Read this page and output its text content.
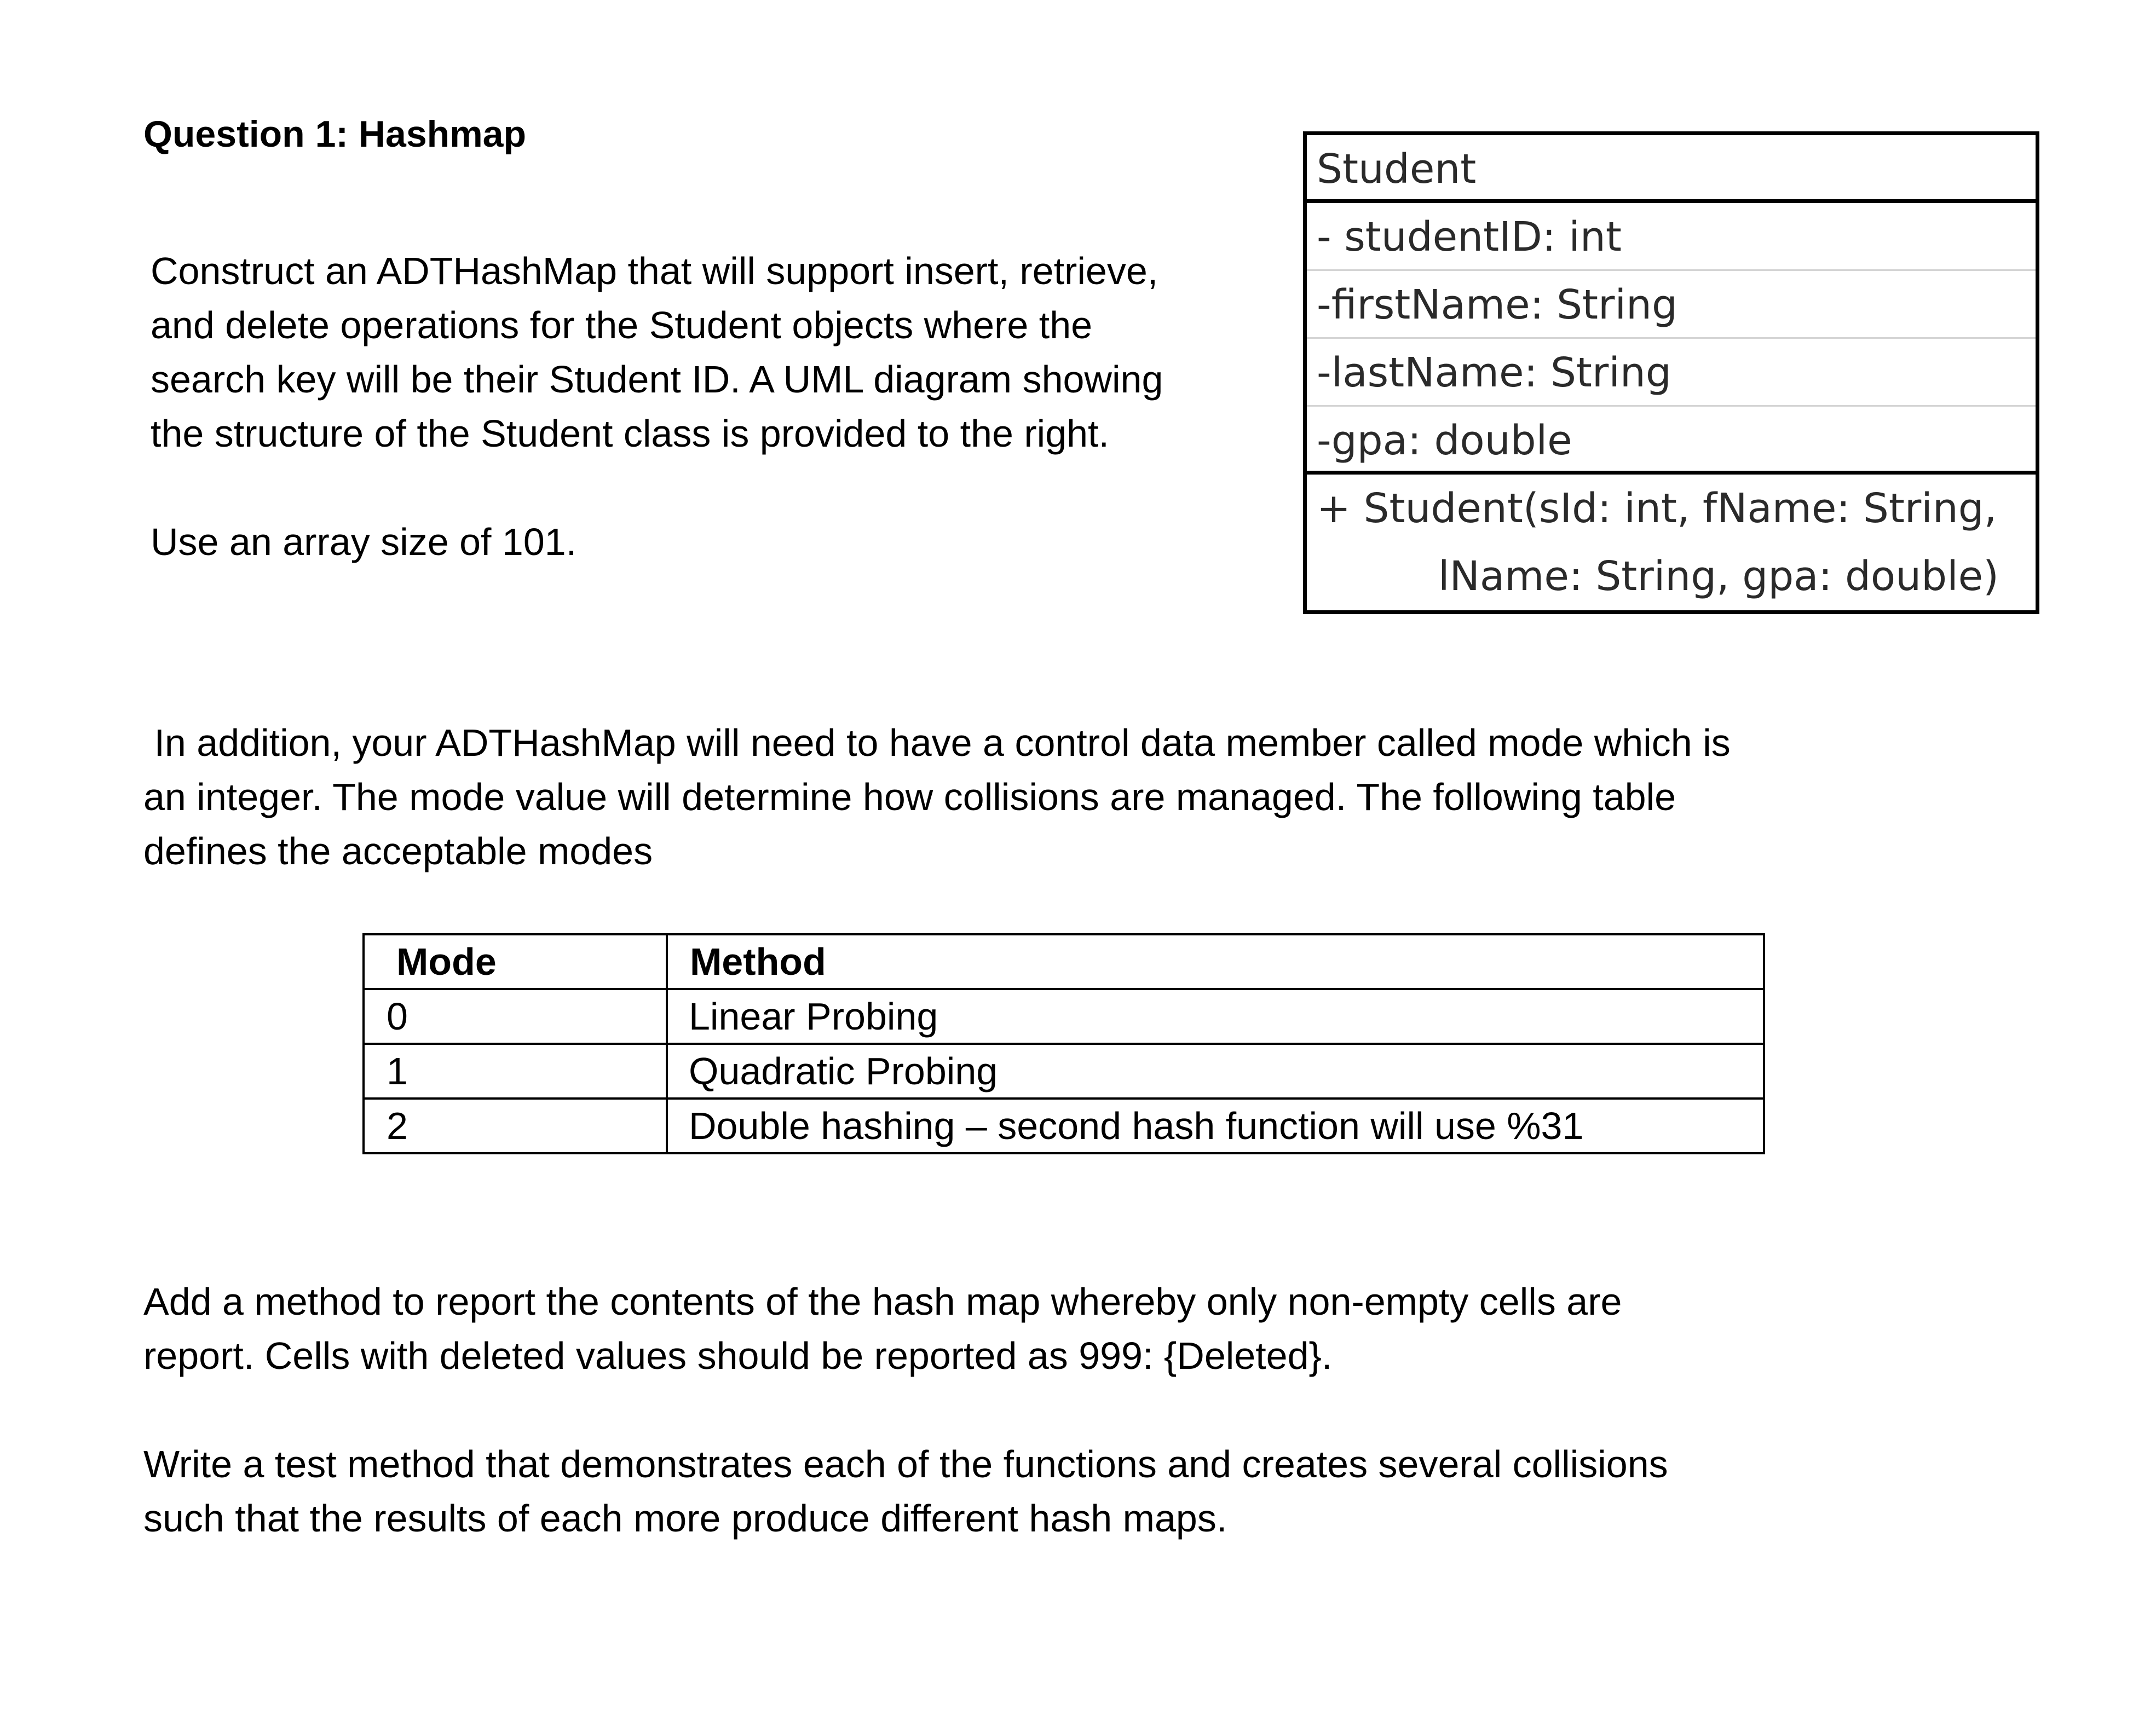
Question 1: Hashmap
Construct an ADTHashMap that will support insert, retrieve,
and delete operations for the Student objects where the
search key will be their Student ID. A UML diagram showing
the structure of the Student class is provided to the right.
Use an array size of 101.
Student
- studentID: int
-firstName: String
-lastName: String
-gpa: double
+ Student(sId: int, fName: String,
lName: String, gpa: double)
In addition, your ADTHashMap will need to have a control data member called mode which is
an integer. The mode value will determine how collisions are managed. The following table
defines the acceptable modes
Mode	Method
0	Linear Probing
1	Quadratic Probing
2	Double hashing – second hash function will use %31
Add a method to report the contents of the hash map whereby only non-empty cells are
report. Cells with deleted values should be reported as 999: {Deleted}.
Write a test method that demonstrates each of the functions and creates several collisions
such that the results of each more produce different hash maps.
